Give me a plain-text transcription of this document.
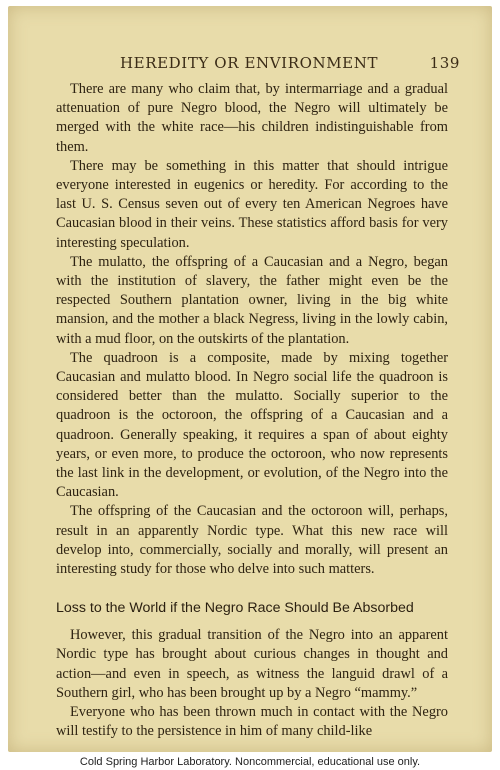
HEREDITY OR ENVIRONMENT	139

There are many who claim that, by intermarriage and a gradual attenuation of pure Negro blood, the Negro will ultimately be merged with the white race—his children indistinguishable from them.

There may be something in this matter that should intrigue everyone interested in eugenics or heredity. For according to the last U. S. Census seven out of every ten American Negroes have Caucasian blood in their veins. These statistics afford basis for very interesting speculation.

The mulatto, the offspring of a Caucasian and a Negro, began with the institution of slavery, the father might even be the respected Southern plantation owner, living in the big white mansion, and the mother a black Negress, living in the lowly cabin, with a mud floor, on the outskirts of the plantation.

The quadroon is a composite, made by mixing together Caucasian and mulatto blood. In Negro social life the quadroon is considered better than the mulatto. Socially superior to the quadroon is the octoroon, the offspring of a Caucasian and a quadroon. Generally speaking, it requires a span of about eighty years, or even more, to produce the octoroon, who now represents the last link in the development, or evolution, of the Negro into the Caucasian.

The offspring of the Caucasian and the octoroon will, perhaps, result in an apparently Nordic type. What this new race will develop into, commercially, socially and morally, will present an interesting study for those who delve into such matters.

Loss to the World if the Negro Race Should Be Absorbed

However, this gradual transition of the Negro into an apparent Nordic type has brought about curious changes in thought and action—and even in speech, as witness the languid drawl of a Southern girl, who has been brought up by a Negro “mammy.”

Everyone who has been thrown much in contact with the Negro will testify to the persistence in him of many child-like

Cold Spring Harbor Laboratory. Noncommercial, educational use only.
